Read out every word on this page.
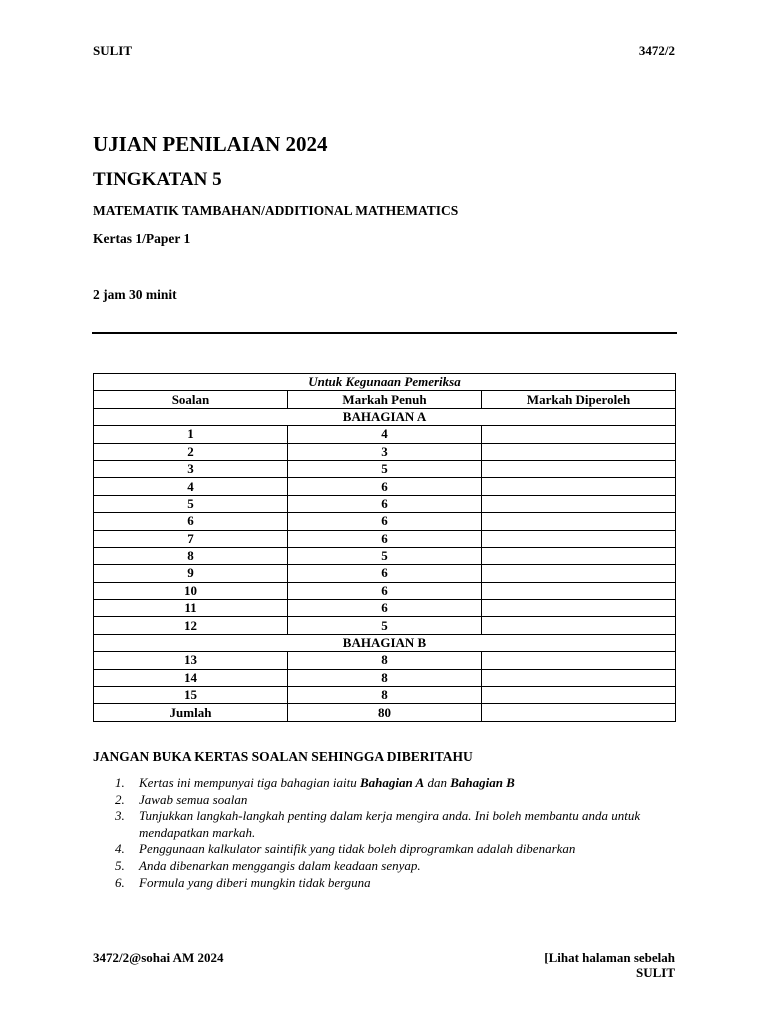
SULIT	3472/2
UJIAN PENILAIAN 2024
TINGKATAN 5
MATEMATIK TAMBAHAN/ADDITIONAL MATHEMATICS
Kertas 1/Paper 1
2 jam 30 minit
Untuk Kegunaan Pemeriksa		
Soalan	Markah Penuh	Markah Diperoleh
BAHAGIAN A		
1	4	
2	3	
3	5	
4	6	
5	6	
6	6	
7	6	
8	5	
9	6	
10	6	
11	6	
12	5	
BAHAGIAN B		
13	8	
14	8	
15	8	
Jumlah	80	
JANGAN BUKA KERTAS SOALAN SEHINGGA DIBERITAHU
1. Kertas ini mempunyai tiga bahagian iaitu Bahagian A dan Bahagian B
2. Jawab semua soalan
3. Tunjukkan langkah-langkah penting dalam kerja mengira anda. Ini boleh membantu anda untuk mendapatkan markah.
4. Penggunaan kalkulator saintifik yang tidak boleh diprogramkan adalah dibenarkan
5. Anda dibenarkan menggangis dalam keadaan senyap.
6. Formula yang diberi mungkin tidak berguna
3472/2@sohai AM 2024	[Lihat halaman sebelah
SULIT
